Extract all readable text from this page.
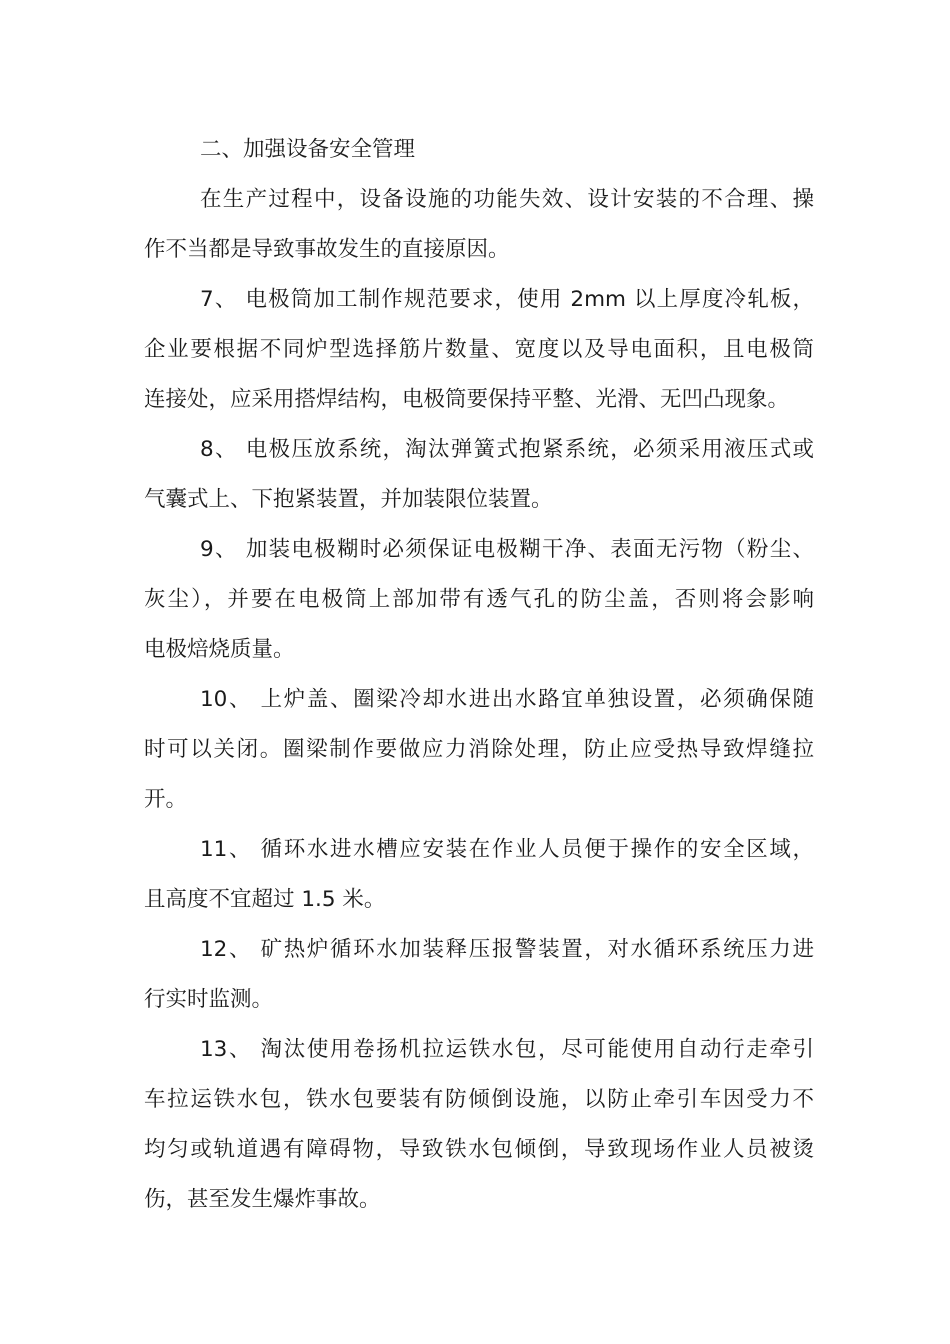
二、加强设备安全管理
在生产过程中，设备设施的功能失效、设计安装的不合理、操
作不当都是导致事故发生的直接原因。
7、 电极筒加工制作规范要求，使用 2mm 以上厚度冷轧板，
企业要根据不同炉型选择筋片数量、宽度以及导电面积，且电极筒
连接处，应采用搭焊结构，电极筒要保持平整、光滑、无凹凸现象。
8、 电极压放系统，淘汰弹簧式抱紧系统，必须采用液压式或
气囊式上、下抱紧装置，并加装限位装置。
9、 加装电极糊时必须保证电极糊干净、表面无污物（粉尘、
灰尘），并要在电极筒上部加带有透气孔的防尘盖，否则将会影响
电极焙烧质量。
10、 上炉盖、圈梁冷却水进出水路宜单独设置，必须确保随
时可以关闭。圈梁制作要做应力消除处理，防止应受热导致焊缝拉
开。
11、 循环水进水槽应安装在作业人员便于操作的安全区域，
且高度不宜超过 1.5 米。
12、 矿热炉循环水加装释压报警装置，对水循环系统压力进
行实时监测。
13、 淘汰使用卷扬机拉运铁水包，尽可能使用自动行走牵引
车拉运铁水包，铁水包要装有防倾倒设施，以防止牵引车因受力不
均匀或轨道遇有障碍物，导致铁水包倾倒，导致现场作业人员被烫
伤，甚至发生爆炸事故。
